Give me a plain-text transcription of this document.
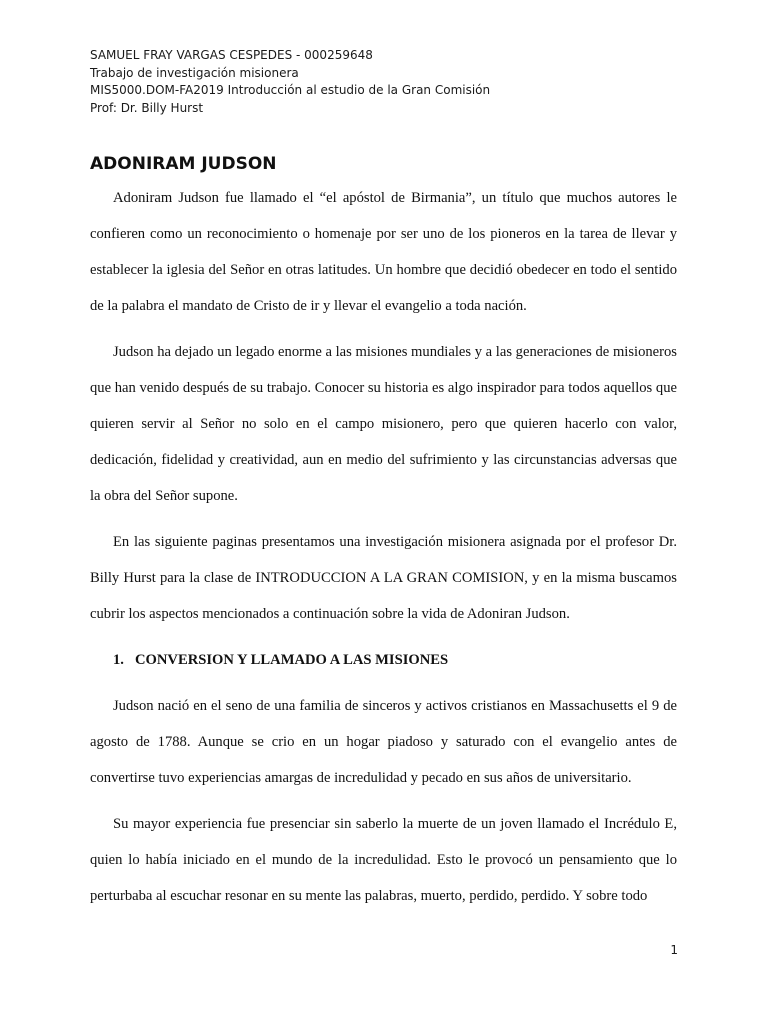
SAMUEL FRAY VARGAS CESPEDES - 000259648
Trabajo de investigación misionera
MIS5000.DOM-FA2019 Introducción al estudio de la Gran Comisión
Prof: Dr. Billy Hurst
ADONIRAM JUDSON

Adoniram Judson fue llamado el “el apóstol de Birmania”, un título que muchos autores le confieren como un reconocimiento o homenaje por ser uno de los pioneros en la tarea de llevar y establecer la iglesia del Señor en otras latitudes. Un hombre que decidió obedecer en todo el sentido de la palabra el mandato de Cristo de ir y llevar el evangelio a toda nación.

Judson ha dejado un legado enorme a las misiones mundiales y a las generaciones de misioneros que han venido después de su trabajo. Conocer su historia es algo inspirador para todos aquellos que quieren servir al Señor no solo en el campo misionero, pero que quieren hacerlo con valor, dedicación, fidelidad y creatividad, aun en medio del sufrimiento y las circunstancias adversas que la obra del Señor supone.

En las siguiente paginas presentamos una investigación misionera asignada por el profesor Dr. Billy Hurst para la clase de INTRODUCCION A LA GRAN COMISION, y en la misma buscamos cubrir los aspectos mencionados a continuación sobre la vida de Adoniran Judson.

1. CONVERSION Y LLAMADO A LAS MISIONES

Judson nació en el seno de una familia de sinceros y activos cristianos en Massachusetts el 9 de agosto de 1788. Aunque se crio en un hogar piadoso y saturado con el evangelio antes de convertirse tuvo experiencias amargas de incredulidad y pecado en sus años de universitario.

Su mayor experiencia fue presenciar sin saberlo la muerte de un joven llamado el Incrédulo E, quien lo había iniciado en el mundo de la incredulidad. Esto le provocó un pensamiento que lo perturbaba al escuchar resonar en su mente las palabras, muerto, perdido, perdido. Y sobre todo

1
